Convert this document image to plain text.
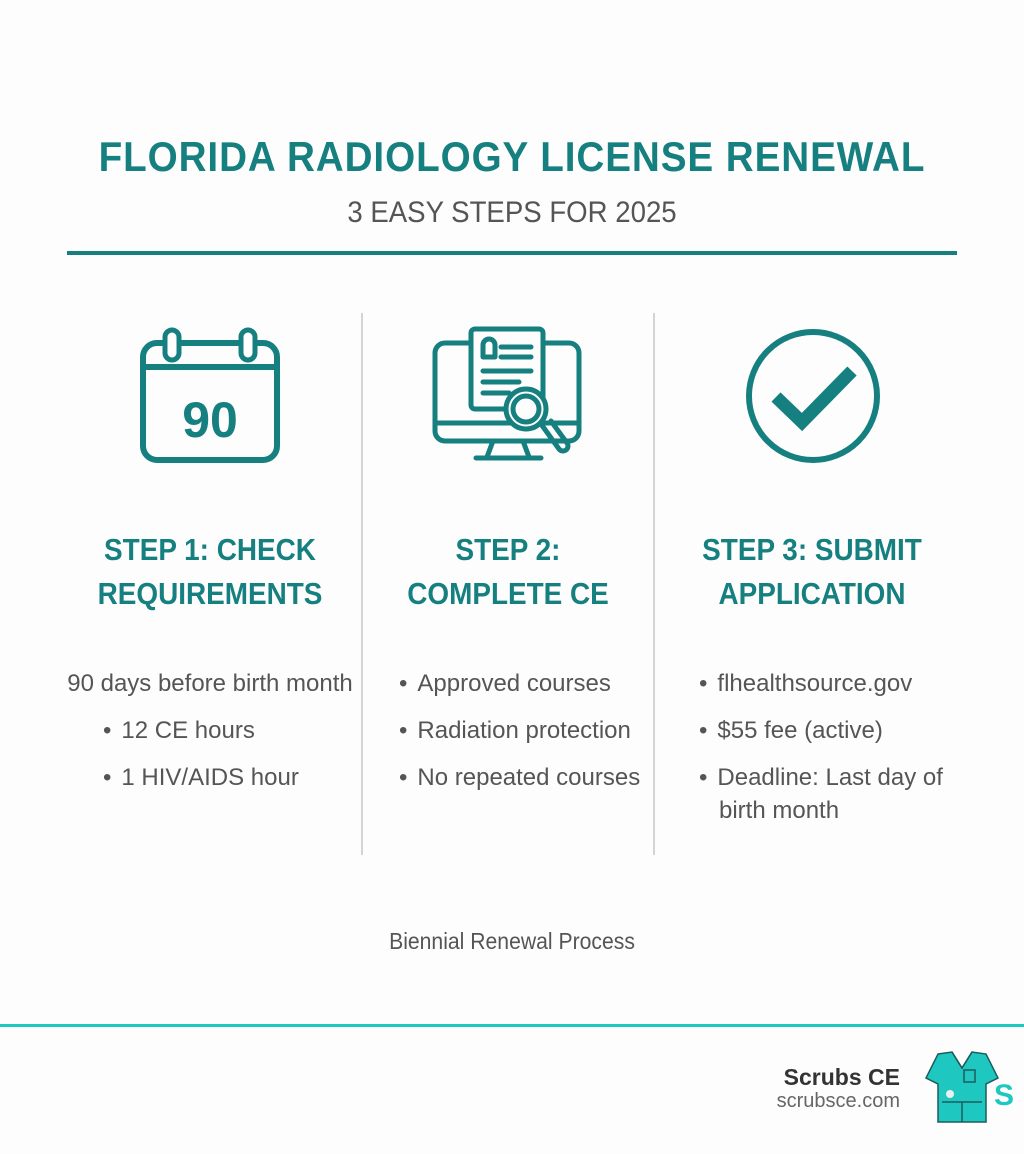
FLORIDA RADIOLOGY LICENSE RENEWAL
3 EASY STEPS FOR 2025
90
STEP 1: CHECK
REQUIREMENTS
90 days before birth month
• 12 CE hours
• 1 HIV/AIDS hour
STEP 2:
COMPLETE CE
• Approved courses
• Radiation protection
• No repeated courses
STEP 3: SUBMIT
APPLICATION
• flhealthsource.gov
• $55 fee (active)
• Deadline: Last day of
birth month
Biennial Renewal Process
Scrubs CE
scrubsce.com	S
